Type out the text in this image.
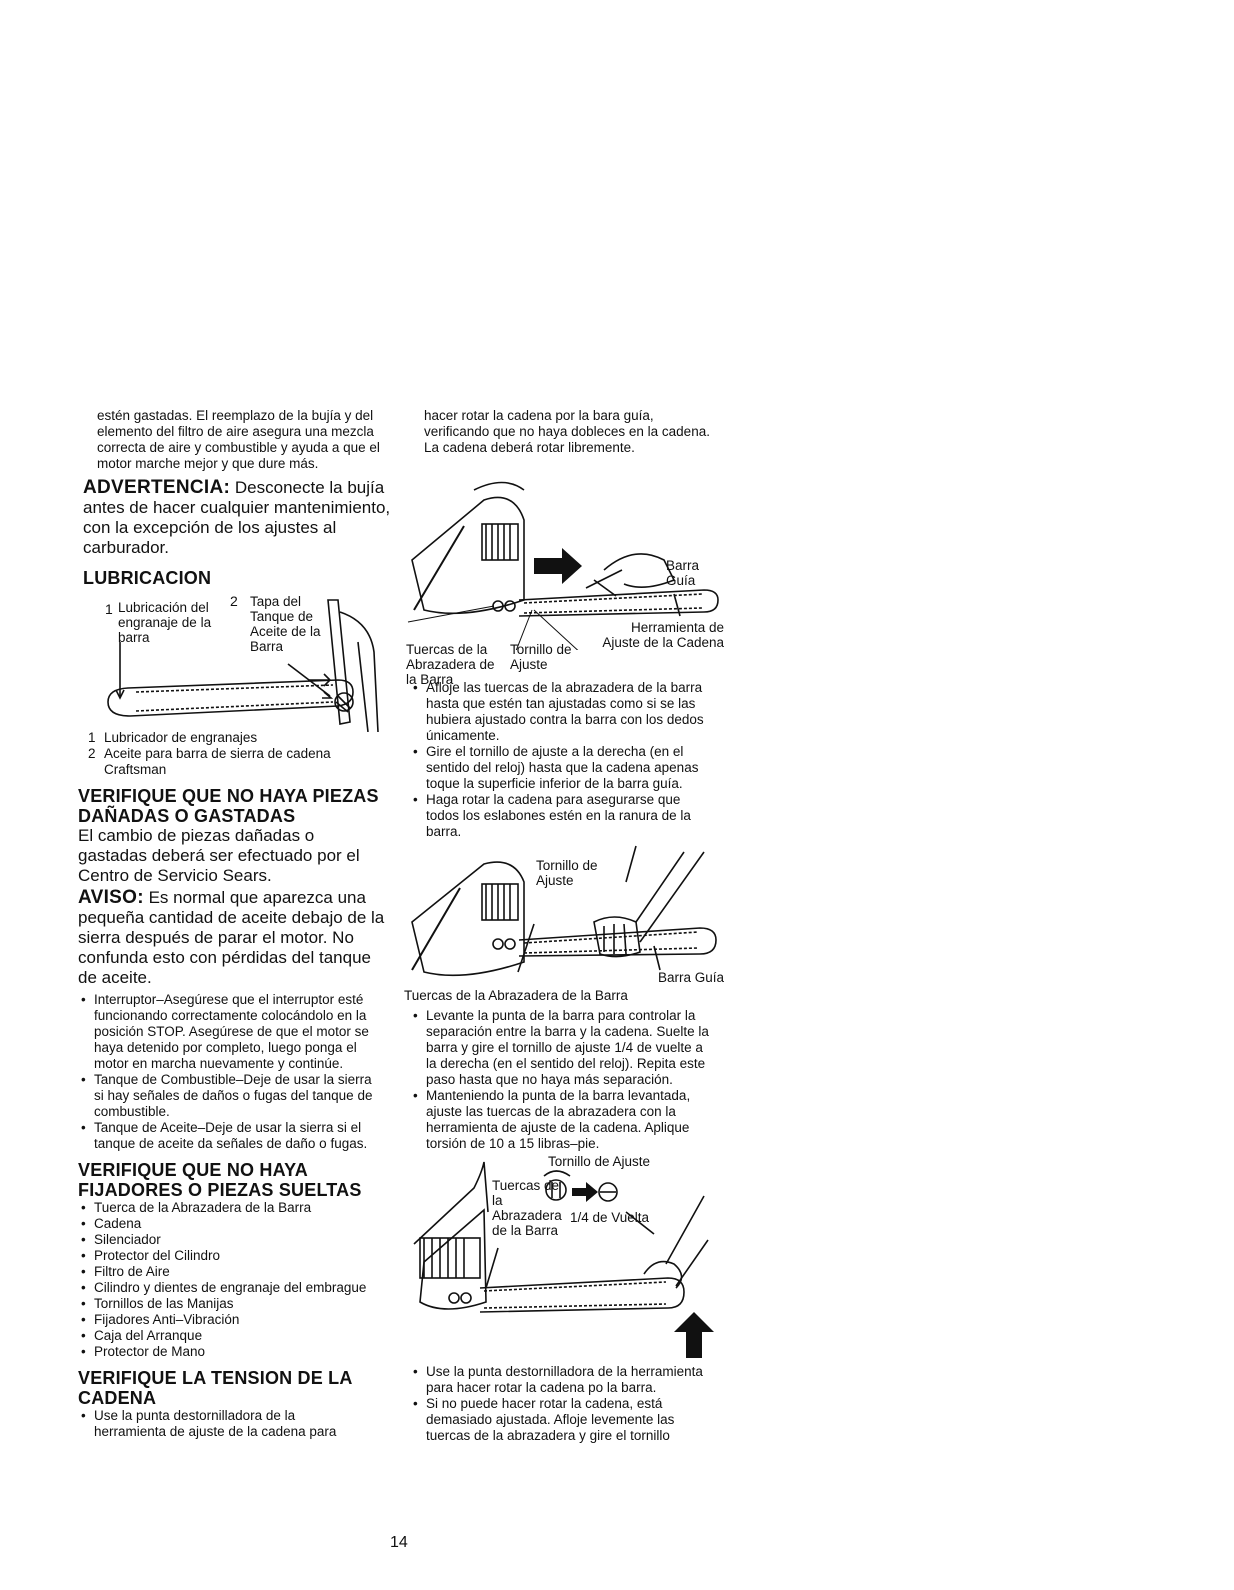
estén gastadas. El reemplazo de la bujía y del elemento del filtro de aire asegura una mezcla correcta de aire y combustible y ayuda a que el motor marche mejor y que dure más.

ADVERTENCIA: Desconecte la bujía antes de hacer cualquier mantenimiento, con la excepción de los ajustes al carburador.

LUBRICACION
1 Lubricación del engranaje de la barra
2 Tapa del Tanque de Aceite de la Barra
1 Lubricador de engranajes
2 Aceite para barra de sierra de cadena Craftsman
VERIFIQUE QUE NO HAYA PIEZAS DAÑADAS O GASTADAS

El cambio de piezas dañadas o gastadas deberá ser efectuado por el Centro de Servicio Sears.

AVISO: Es normal que aparezca una pequeña cantidad de aceite debajo de la sierra después de parar el motor. No confunda esto con pérdidas del tanque de aceite.

• Interruptor–Asegúrese que el interruptor esté funcionando correctamente colocándolo en la posición STOP. Asegúrese de que el motor se haya detenido por completo, luego ponga el motor en marcha nuevamente y continúe.
• Tanque de Combustible–Deje de usar la sierra si hay señales de daños o fugas del tanque de combustible.
• Tanque de Aceite–Deje de usar la sierra si el tanque de aceite da señales de daño o fugas.
VERIFIQUE QUE NO HAYA FIJADORES O PIEZAS SUELTAS
• Tuerca de la Abrazadera de la Barra
• Cadena
• Silenciador
• Protector del Cilindro
• Filtro de Aire
• Cilindro y dientes de engranaje del embrague
• Tornillos de las Manijas
• Fijadores Anti–Vibración
• Caja del Arranque
• Protector de Mano
VERIFIQUE LA TENSION DE LA CADENA
• Use la punta destornilladora de la herramienta de ajuste de la cadena para

hacer rotar la cadena por la bara guía, verificando que no haya dobleces en la cadena. La cadena deberá rotar libremente.

Barra Guía
Herramienta de Ajuste de la Cadena
Tuercas de la Abrazadera de la Barra
Tornillo de Ajuste
• Afloje las tuercas de la abrazadera de la barra hasta que estén tan ajustadas como si se las hubiera ajustado contra la barra con los dedos únicamente.
• Gire el tornillo de ajuste a la derecha (en el sentido del reloj) hasta que la cadena apenas toque la superficie inferior de la barra guía.
• Haga rotar la cadena para asegurarse que todos los eslabones estén en la ranura de la barra.
Tornillo de Ajuste
Barra Guía

Tuercas de la Abrazadera de la Barra

• Levante la punta de la barra para controlar la separación entre la barra y la cadena. Suelte la barra y gire el tornillo de ajuste 1/4 de vuelte a la derecha (en el sentido del reloj). Repita este paso hasta que no haya más separación.
• Manteniendo la punta de la barra levantada, ajuste las tuercas de la abrazadera con la herramienta de ajuste de la cadena. Aplique torsión de 10 a 15 libras–pie.
Tornillo de Ajuste
Tuercas de la Abrazadera de la Barra
1/4 de Vuelta
• Use la punta destornilladora de la herramienta para hacer rotar la cadena po la barra.
• Si no puede hacer rotar la cadena, está demasiado ajustada. Afloje levemente las tuercas de la abrazadera y gire el tornillo
14
